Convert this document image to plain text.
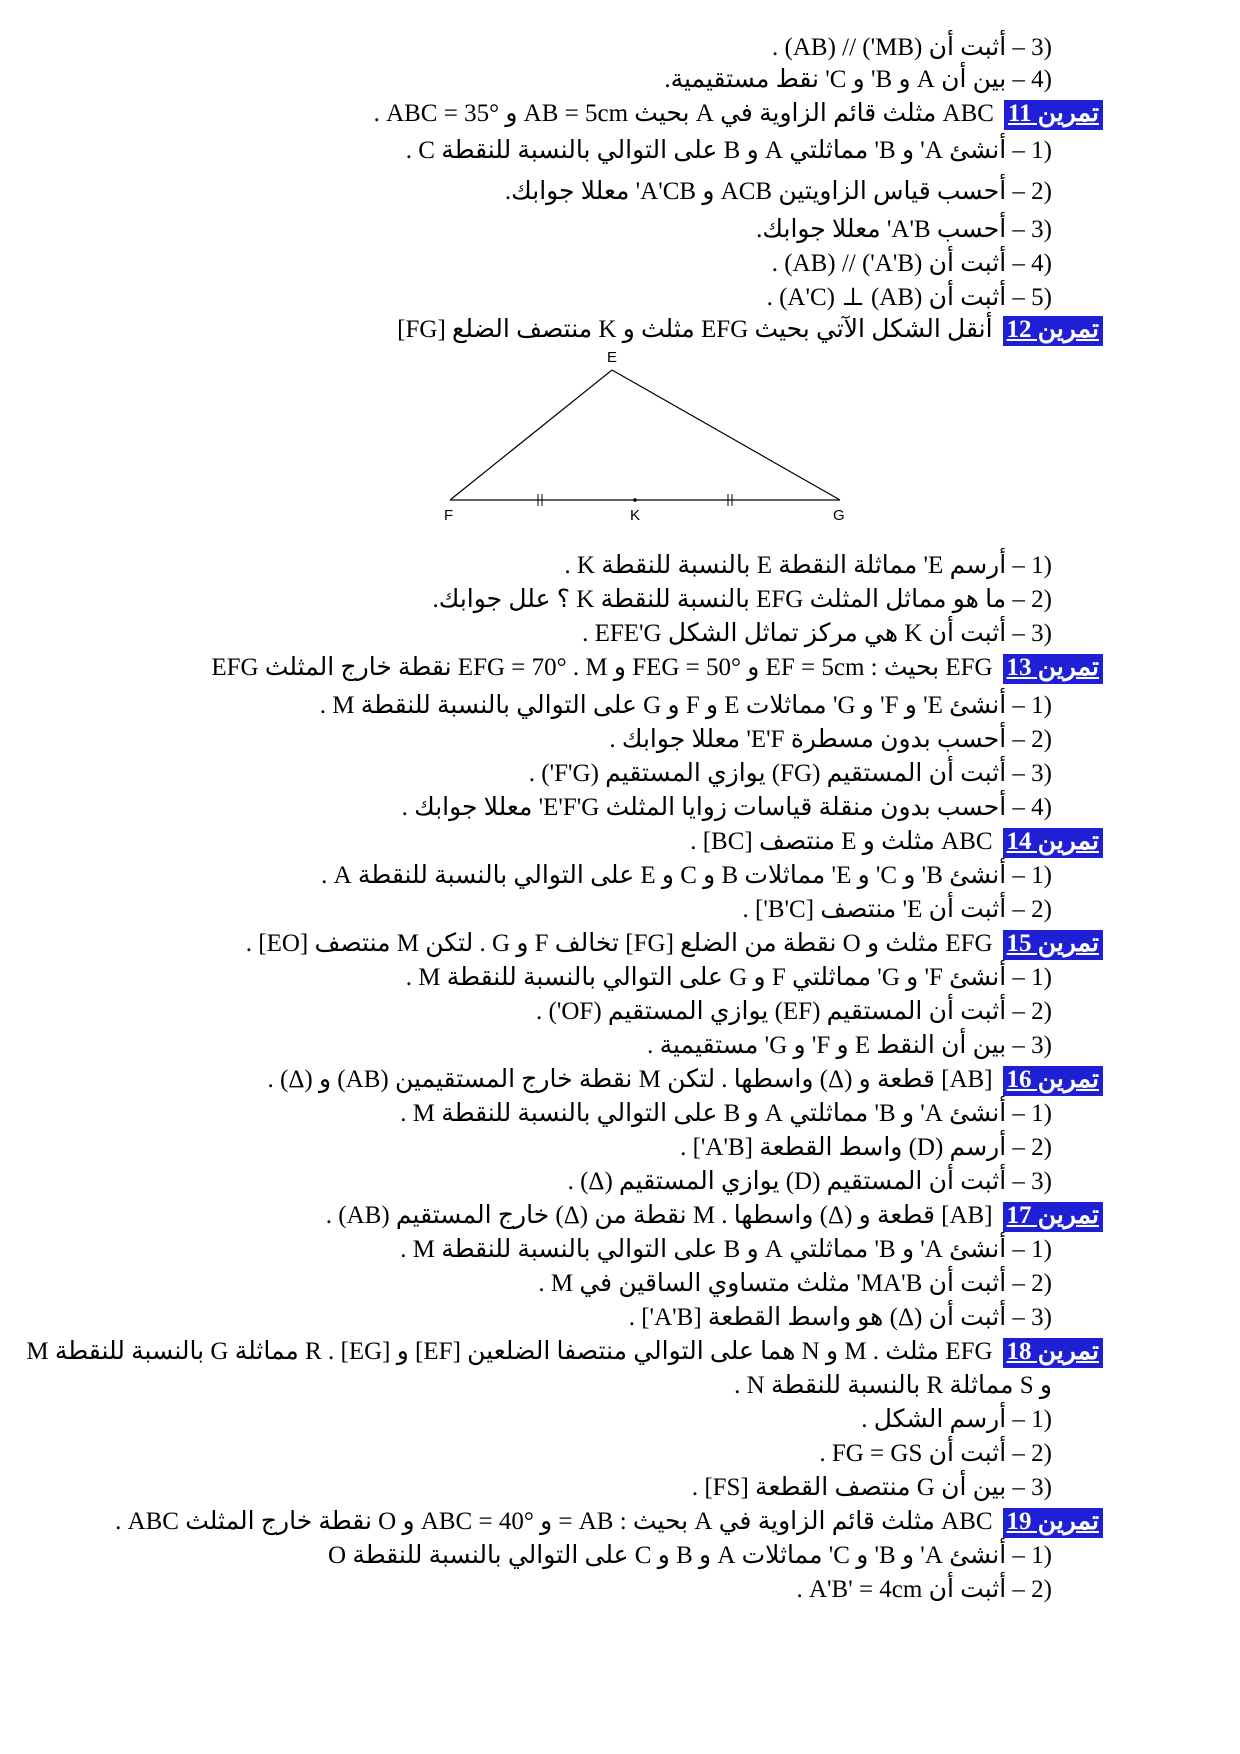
(3 – أثبت أن (MB') // (AB) .
(4 – بين أن A و B' و C' نقط مستقيمية.
تمرين 11ABC مثلث قائم الزاوية في A بحيث AB = 5cm و ABC = 35° .
(1 – أنشئ A' و B' مماثلتي A و B على التوالي بالنسبة للنقطة C .
(2 – أحسب قياس الزاويتين ACB و A'CB' معللا جوابك.
(3 – أحسب A'B' معللا جوابك.
(4 – أثبت أن (A'B') // (AB) .
(5 – أثبت أن (AB) ⊥ (A'C) .
تمرين 12أنقل الشكل الآتي بحيث EFG مثلث و K منتصف الضلع [FG]
E
F	K	G
(1 – أرسم E' مماثلة النقطة E بالنسبة للنقطة K .
(2 – ما هو مماثل المثلث EFG بالنسبة للنقطة K ؟ علل جوابك.
(3 – أثبت أن K هي مركز تماثل الشكل EFE'G .
تمرين 13EFG بحيث : EF = 5cm و FEG = 50° و EFG = 70° . M نقطة خارج المثلث EFG
(1 – أنشئ E' و F' و G' مماثلات E و F و G على التوالي بالنسبة للنقطة M .
(2 – أحسب بدون مسطرة E'F' معللا جوابك .
(3 – أثبت أن المستقيم (FG) يوازي المستقيم (F'G') .
(4 – أحسب بدون منقلة قياسات زوايا المثلث E'F'G' معللا جوابك .
تمرين 14ABC مثلث و E منتصف [BC] .
(1 – أنشئ B' و C' و E' مماثلات B و C و E على التوالي بالنسبة للنقطة A .
(2 – أثبت أن E' منتصف [B'C'] .
تمرين 15EFG مثلث و O نقطة من الضلع [FG] تخالف F و G . لتكن M منتصف [EO] .
(1 – أنشئ F' و G' مماثلتي F و G على التوالي بالنسبة للنقطة M .
(2 – أثبت أن المستقيم (EF) يوازي المستقيم (OF') .
(3 – بين أن النقط E و F' و G' مستقيمية .
تمرين 16[AB] قطعة و (Δ) واسطها . لتكن M نقطة خارج المستقيمين (AB) و (Δ) .
(1 – أنشئ A' و B' مماثلتي A و B على التوالي بالنسبة للنقطة M .
(2 – أرسم (D) واسط القطعة [A'B'] .
(3 – أثبت أن المستقيم (D) يوازي المستقيم (Δ) .
تمرين 17[AB] قطعة و (Δ) واسطها . M نقطة من (Δ) خارج المستقيم (AB) .
(1 – أنشئ A' و B' مماثلتي A و B على التوالي بالنسبة للنقطة M .
(2 – أثبت أن MA'B' مثلث متساوي الساقين في M .
(3 – أثبت أن (Δ) هو واسط القطعة [A'B'] .
تمرين 18EFG مثلث . M و N هما على التوالي منتصفا الضلعين [EF] و [EG] . R مماثلة G بالنسبة للنقطة M
و S مماثلة R بالنسبة للنقطة N .
(1 – أرسم الشكل .
(2 – أثبت أن FG = GS .
(3 – بين أن G منتصف القطعة [FS] .
تمرين 19ABC مثلث قائم الزاوية في A بحيث : AB = و ABC = 40° و O نقطة خارج المثلث ABC .
(1 – أنشئ A' و B' و C' مماثلات A و B و C على التوالي بالنسبة للنقطة O
(2 – أثبت أن A'B' = 4cm .
